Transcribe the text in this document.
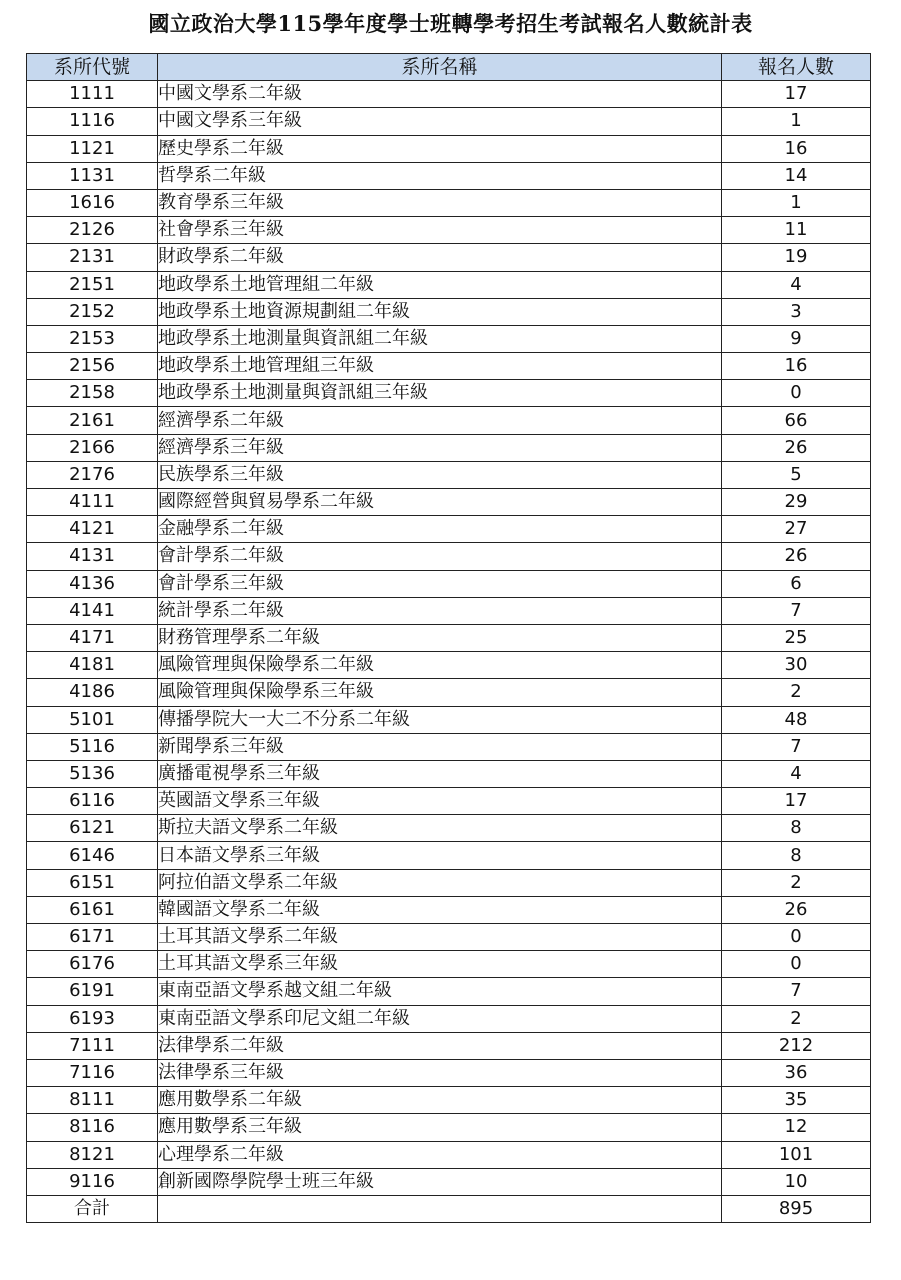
國立政治大學115學年度學士班轉學考招生考試報名人數統計表
系所代號	系所名稱	報名人數
1111	中國文學系二年級	17
1116	中國文學系三年級	1
1121	歷史學系二年級	16
1131	哲學系二年級	14
1616	教育學系三年級	1
2126	社會學系三年級	11
2131	財政學系二年級	19
2151	地政學系土地管理組二年級	4
2152	地政學系土地資源規劃組二年級	3
2153	地政學系土地測量與資訊組二年級	9
2156	地政學系土地管理組三年級	16
2158	地政學系土地測量與資訊組三年級	0
2161	經濟學系二年級	66
2166	經濟學系三年級	26
2176	民族學系三年級	5
4111	國際經營與貿易學系二年級	29
4121	金融學系二年級	27
4131	會計學系二年級	26
4136	會計學系三年級	6
4141	統計學系二年級	7
4171	財務管理學系二年級	25
4181	風險管理與保險學系二年級	30
4186	風險管理與保險學系三年級	2
5101	傳播學院大一大二不分系二年級	48
5116	新聞學系三年級	7
5136	廣播電視學系三年級	4
6116	英國語文學系三年級	17
6121	斯拉夫語文學系二年級	8
6146	日本語文學系三年級	8
6151	阿拉伯語文學系二年級	2
6161	韓國語文學系二年級	26
6171	土耳其語文學系二年級	0
6176	土耳其語文學系三年級	0
6191	東南亞語文學系越文組二年級	7
6193	東南亞語文學系印尼文組二年級	2
7111	法律學系二年級	212
7116	法律學系三年級	36
8111	應用數學系二年級	35
8116	應用數學系三年級	12
8121	心理學系二年級	101
9116	創新國際學院學士班三年級	10
合計		895
